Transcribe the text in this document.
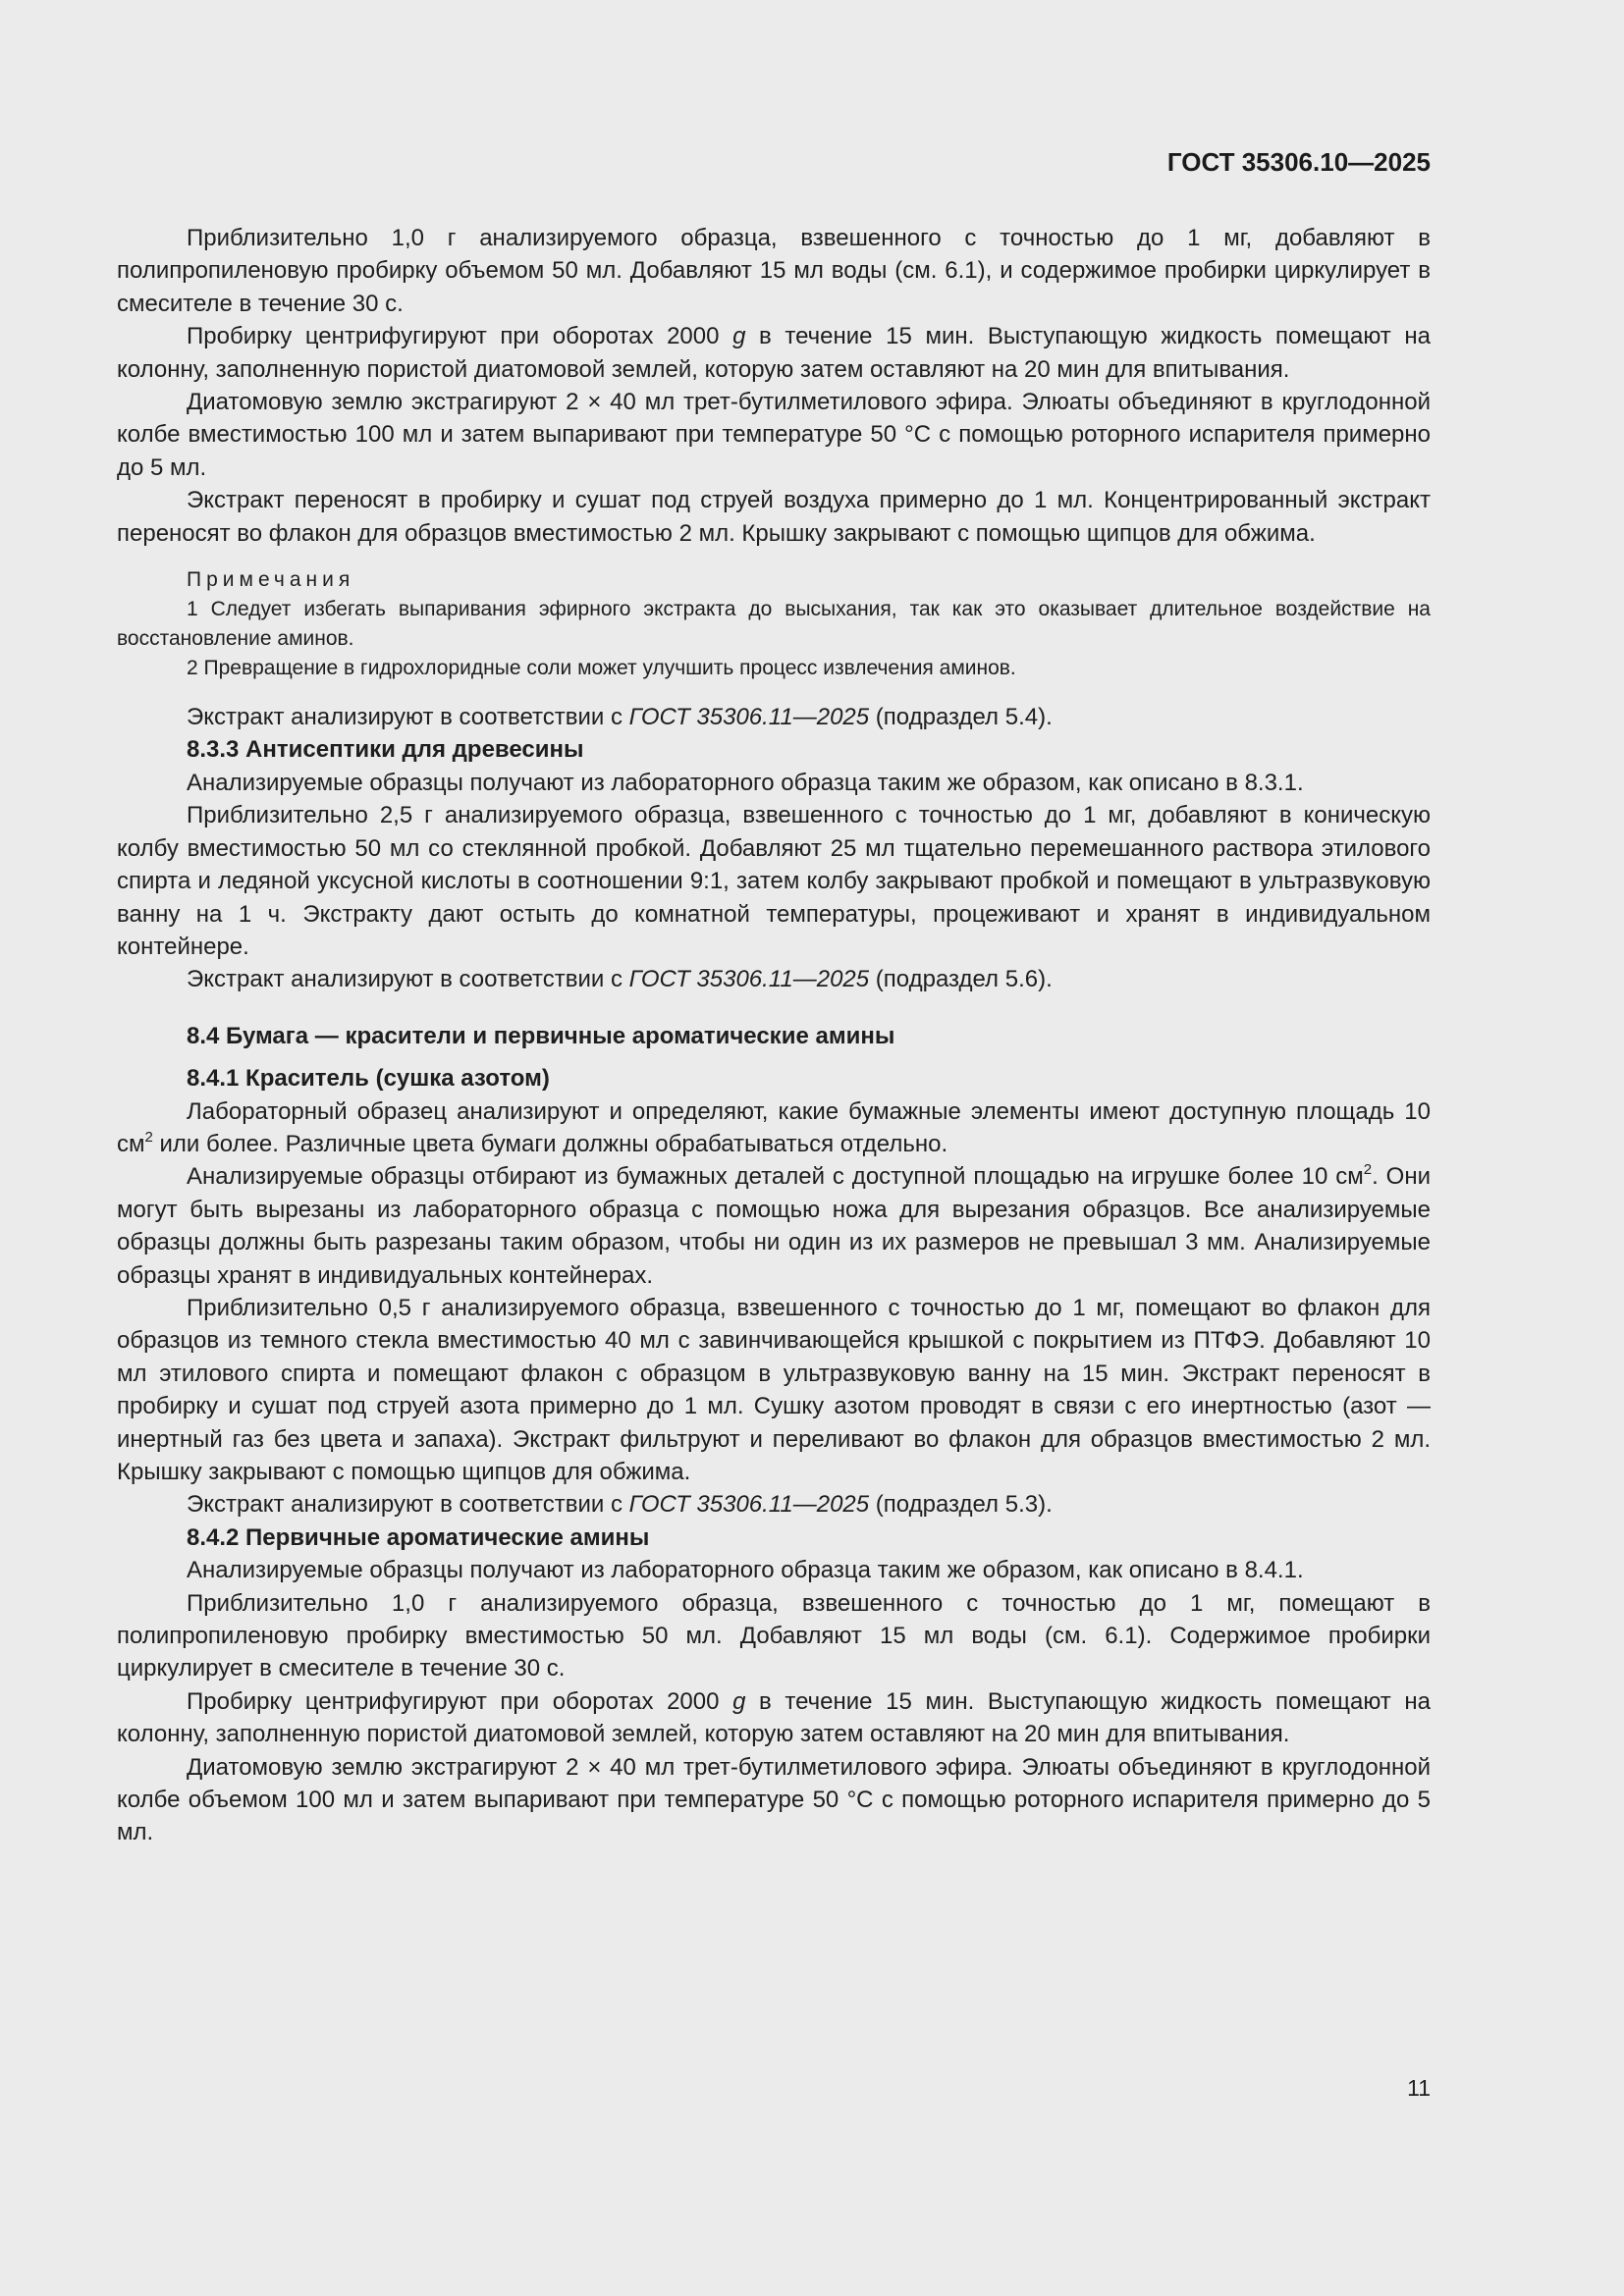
ГОСТ 35306.10—2025

Приблизительно 1,0 г анализируемого образца, взвешенного с точностью до 1 мг, добавляют в полипропиленовую пробирку объемом 50 мл. Добавляют 15 мл воды (см. 6.1), и содержимое пробирки циркулирует в смесителе в течение 30 с.

Пробирку центрифугируют при оборотах 2000 g в течение 15 мин. Выступающую жидкость помещают на колонну, заполненную пористой диатомовой землей, которую затем оставляют на 20 мин для впитывания.

Диатомовую землю экстрагируют 2 × 40 мл трет-бутилметилового эфира. Элюаты объединяют в круглодонной колбе вместимостью 100 мл и затем выпаривают при температуре 50 °С с помощью роторного испарителя примерно до 5 мл.

Экстракт переносят в пробирку и сушат под струей воздуха примерно до 1 мл. Концентрированный экстракт переносят во флакон для образцов вместимостью 2 мл. Крышку закрывают с помощью щипцов для обжима.

Примечания

1 Следует избегать выпаривания эфирного экстракта до высыхания, так как это оказывает длительное воздействие на восстановление аминов.

2 Превращение в гидрохлоридные соли может улучшить процесс извлечения аминов.

Экстракт анализируют в соответствии с ГОСТ 35306.11—2025 (подраздел 5.4).

8.3.3 Антисептики для древесины

Анализируемые образцы получают из лабораторного образца таким же образом, как описано в 8.3.1.

Приблизительно 2,5 г анализируемого образца, взвешенного с точностью до 1 мг, добавляют в коническую колбу вместимостью 50 мл со стеклянной пробкой. Добавляют 25 мл тщательно перемешанного раствора этилового спирта и ледяной уксусной кислоты в соотношении 9:1, затем колбу закрывают пробкой и помещают в ультразвуковую ванну на 1 ч. Экстракту дают остыть до комнатной температуры, процеживают и хранят в индивидуальном контейнере.

Экстракт анализируют в соответствии с ГОСТ 35306.11—2025 (подраздел 5.6).

8.4 Бумага — красители и первичные ароматические амины
8.4.1 Краситель (сушка азотом)

Лабораторный образец анализируют и определяют, какие бумажные элементы имеют доступную площадь 10 $см^2$ или более. Различные цвета бумаги должны обрабатываться отдельно.

Анализируемые образцы отбирают из бумажных деталей с доступной площадью на игрушке более 10 $см^2$. Они могут быть вырезаны из лабораторного образца с помощью ножа для вырезания образцов. Все анализируемые образцы должны быть разрезаны таким образом, чтобы ни один из их размеров не превышал 3 мм. Анализируемые образцы хранят в индивидуальных контейнерах.

Приблизительно 0,5 г анализируемого образца, взвешенного с точностью до 1 мг, помещают во флакон для образцов из темного стекла вместимостью 40 мл с завинчивающейся крышкой с покрытием из ПТФЭ. Добавляют 10 мл этилового спирта и помещают флакон с образцом в ультразвуковую ванну на 15 мин. Экстракт переносят в пробирку и сушат под струей азота примерно до 1 мл. Сушку азотом проводят в связи с его инертностью (азот — инертный газ без цвета и запаха). Экстракт фильтруют и переливают во флакон для образцов вместимостью 2 мл. Крышку закрывают с помощью щипцов для обжима.

Экстракт анализируют в соответствии с ГОСТ 35306.11—2025 (подраздел 5.3).

8.4.2 Первичные ароматические амины

Анализируемые образцы получают из лабораторного образца таким же образом, как описано в 8.4.1.

Приблизительно 1,0 г анализируемого образца, взвешенного с точностью до 1 мг, помещают в полипропиленовую пробирку вместимостью 50 мл. Добавляют 15 мл воды (см. 6.1). Содержимое пробирки циркулирует в смесителе в течение 30 с.

Пробирку центрифугируют при оборотах 2000 g в течение 15 мин. Выступающую жидкость помещают на колонну, заполненную пористой диатомовой землей, которую затем оставляют на 20 мин для впитывания.

Диатомовую землю экстрагируют 2 × 40 мл трет-бутилметилового эфира. Элюаты объединяют в круглодонной колбе объемом 100 мл и затем выпаривают при температуре 50 °С с помощью роторного испарителя примерно до 5 мл.

11
